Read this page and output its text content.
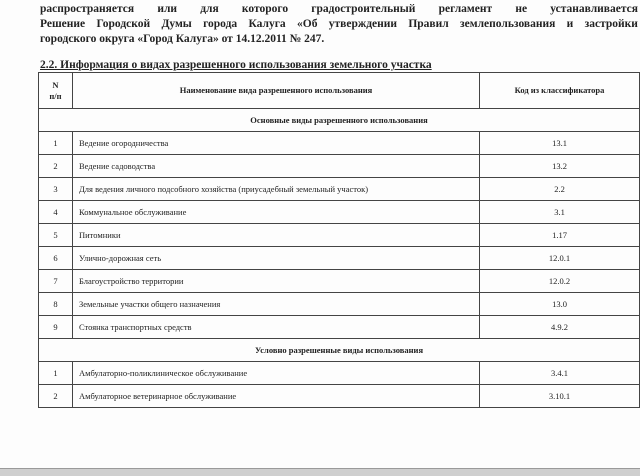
распространяется или для которого градостроительный регламент не устанавливается
Решение Городской Думы города Калуга «Об утверждении Правил землепользования и застройки
городского округа «Город Калуга» от 14.12.2011 № 247.
2.2. Информация о видах разрешенного использования земельного участка
N
п/п	Наименование вида разрешенного использования	Код из классификатора
Основные виды разрешенного использования		
1	Ведение огородничества	13.1
2	Ведение садоводства	13.2
3	Для ведения личного подсобного хозяйства (приусадебный земельный участок)	2.2
4	Коммунальное обслуживание	3.1
5	Питомники	1.17
6	Улично-дорожная сеть	12.0.1
7	Благоустройство территории	12.0.2
8	Земельные участки общего назначения	13.0
9	Стоянка транспортных средств	4.9.2
Условно разрешенные виды использования		
1	Амбулаторно-поликлиническое обслуживание	3.4.1
2	Амбулаторное ветеринарное обслуживание	3.10.1
